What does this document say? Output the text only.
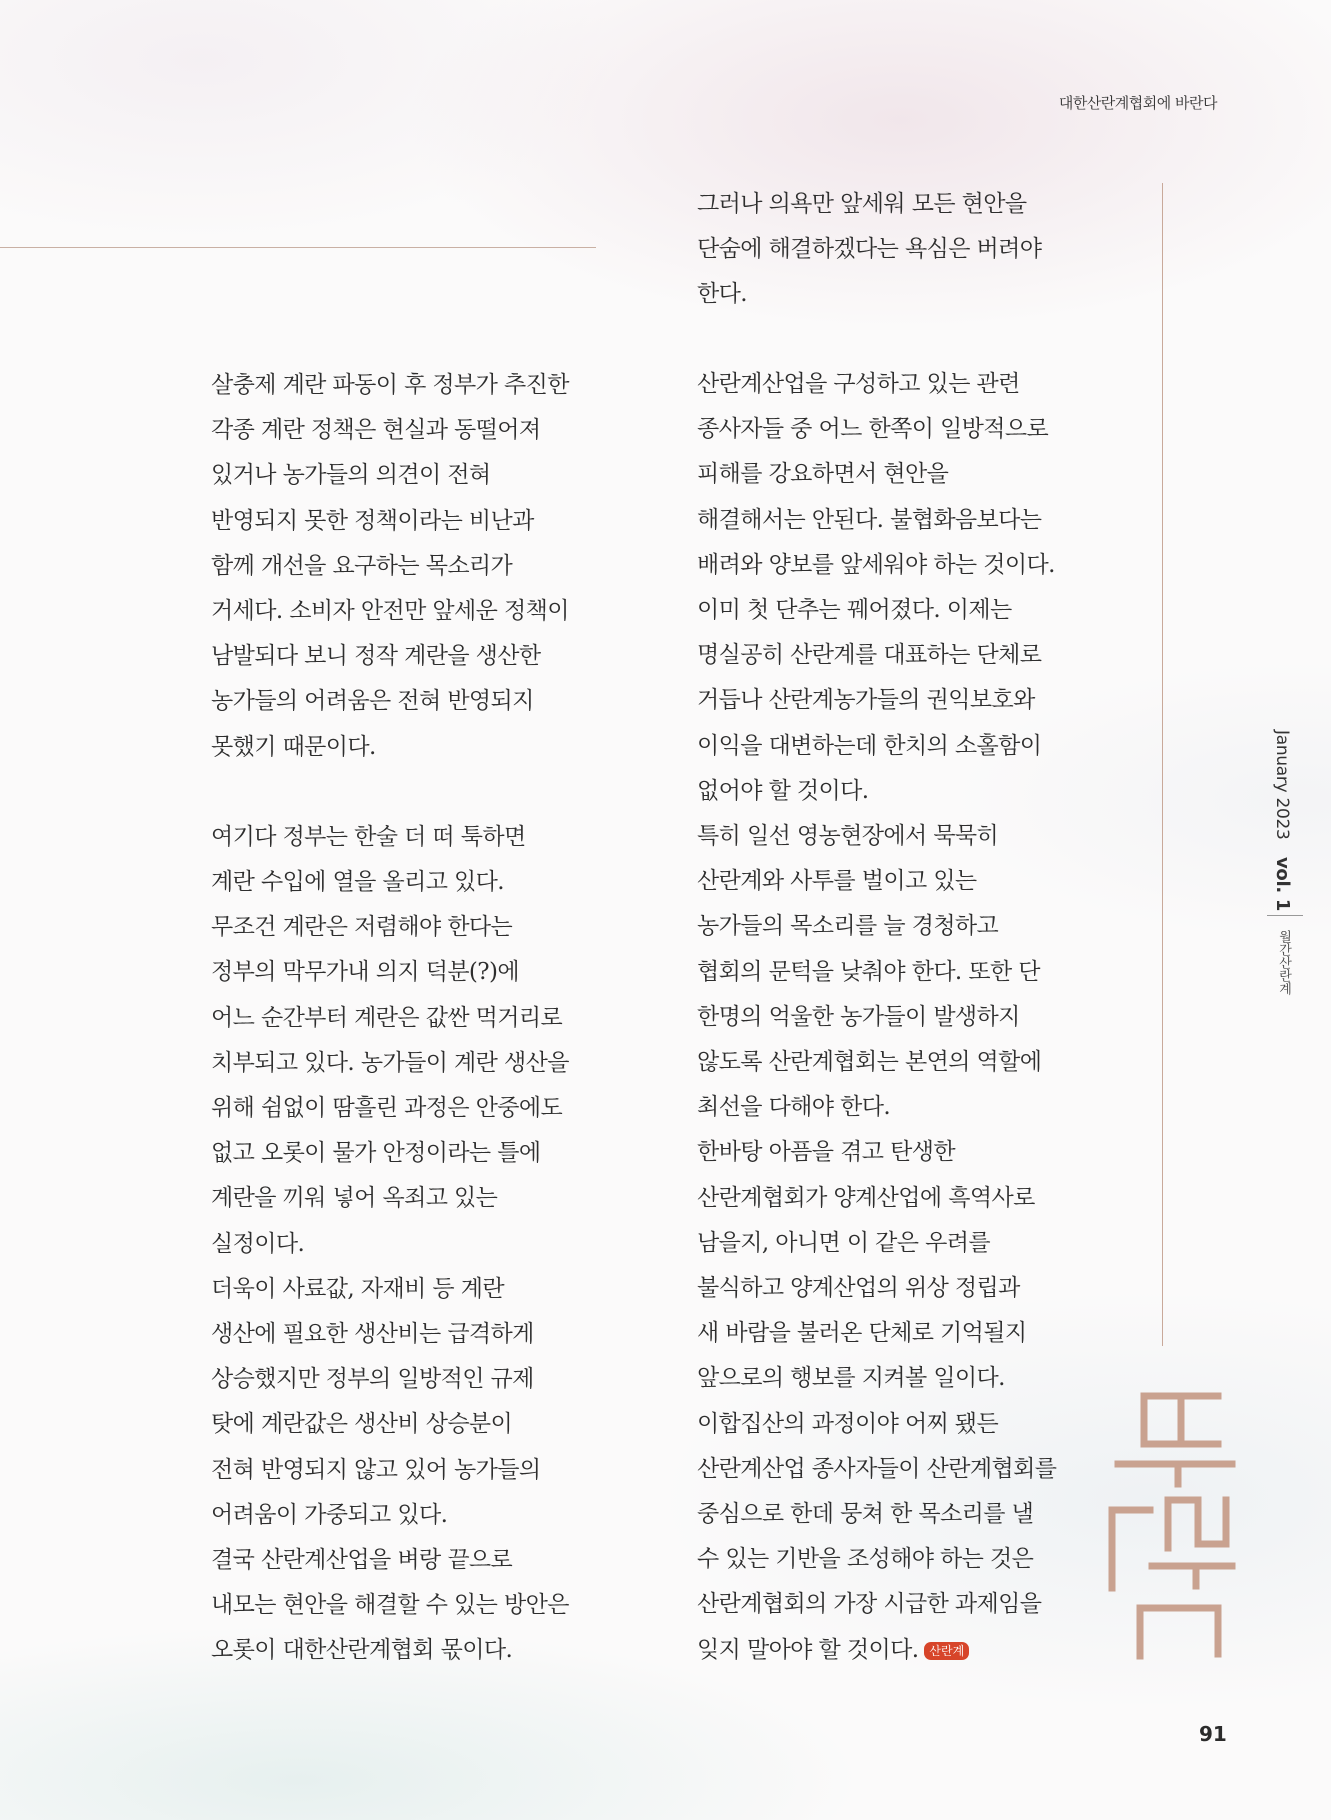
대한산란계협회에 바란다

그러나 의욕만 앞세워 모든 현안을
단숨에 해결하겠다는 욕심은 버려야
한다.

살충제 계란 파동이 후 정부가 추진한
각종 계란 정책은 현실과 동떨어져
있거나 농가들의 의견이 전혀
반영되지 못한 정책이라는 비난과
함께 개선을 요구하는 목소리가
거세다. 소비자 안전만 앞세운 정책이
남발되다 보니 정작 계란을 생산한
농가들의 어려움은 전혀 반영되지
못했기 때문이다.

여기다 정부는 한술 더 떠 툭하면
계란 수입에 열을 올리고 있다.
무조건 계란은 저렴해야 한다는
정부의 막무가내 의지 덕분(?)에
어느 순간부터 계란은 값싼 먹거리로
치부되고 있다. 농가들이 계란 생산을
위해 쉼없이 땀흘린 과정은 안중에도
없고 오롯이 물가 안정이라는 틀에
계란을 끼워 넣어 옥죄고 있는
실정이다.
더욱이 사료값, 자재비 등 계란
생산에 필요한 생산비는 급격하게
상승했지만 정부의 일방적인 규제
탓에 계란값은 생산비 상승분이
전혀 반영되지 않고 있어 농가들의
어려움이 가중되고 있다.
결국 산란계산업을 벼랑 끝으로
내모는 현안을 해결할 수 있는 방안은
오롯이 대한산란계협회 몫이다.

산란계산업을 구성하고 있는 관련
종사자들 중 어느 한쪽이 일방적으로
피해를 강요하면서 현안을
해결해서는 안된다. 불협화음보다는
배려와 양보를 앞세워야 하는 것이다.
이미 첫 단추는 꿰어졌다. 이제는
명실공히 산란계를 대표하는 단체로
거듭나 산란계농가들의 권익보호와
이익을 대변하는데 한치의 소홀함이
없어야 할 것이다.
특히 일선 영농현장에서 묵묵히
산란계와 사투를 벌이고 있는
농가들의 목소리를 늘 경청하고
협회의 문턱을 낮춰야 한다. 또한 단
한명의 억울한 농가들이 발생하지
않도록 산란계협회는 본연의 역할에
최선을 다해야 한다.
한바탕 아픔을 겪고 탄생한
산란계협회가 양계산업에 흑역사로
남을지, 아니면 이 같은 우려를
불식하고 양계산업의 위상 정립과
새 바람을 불러온 단체로 기억될지
앞으로의 행보를 지켜볼 일이다.
이합집산의 과정이야 어찌 됐든
산란계산업 종사자들이 산란계협회를
중심으로 한데 뭉쳐 한 목소리를 낼
수 있는 기반을 조성해야 하는 것은
산란계협회의 가장 시급한 과제임을
잊지 말아야 할 것이다. 산란계

January 2023 vol. 1
월간산란계
91
